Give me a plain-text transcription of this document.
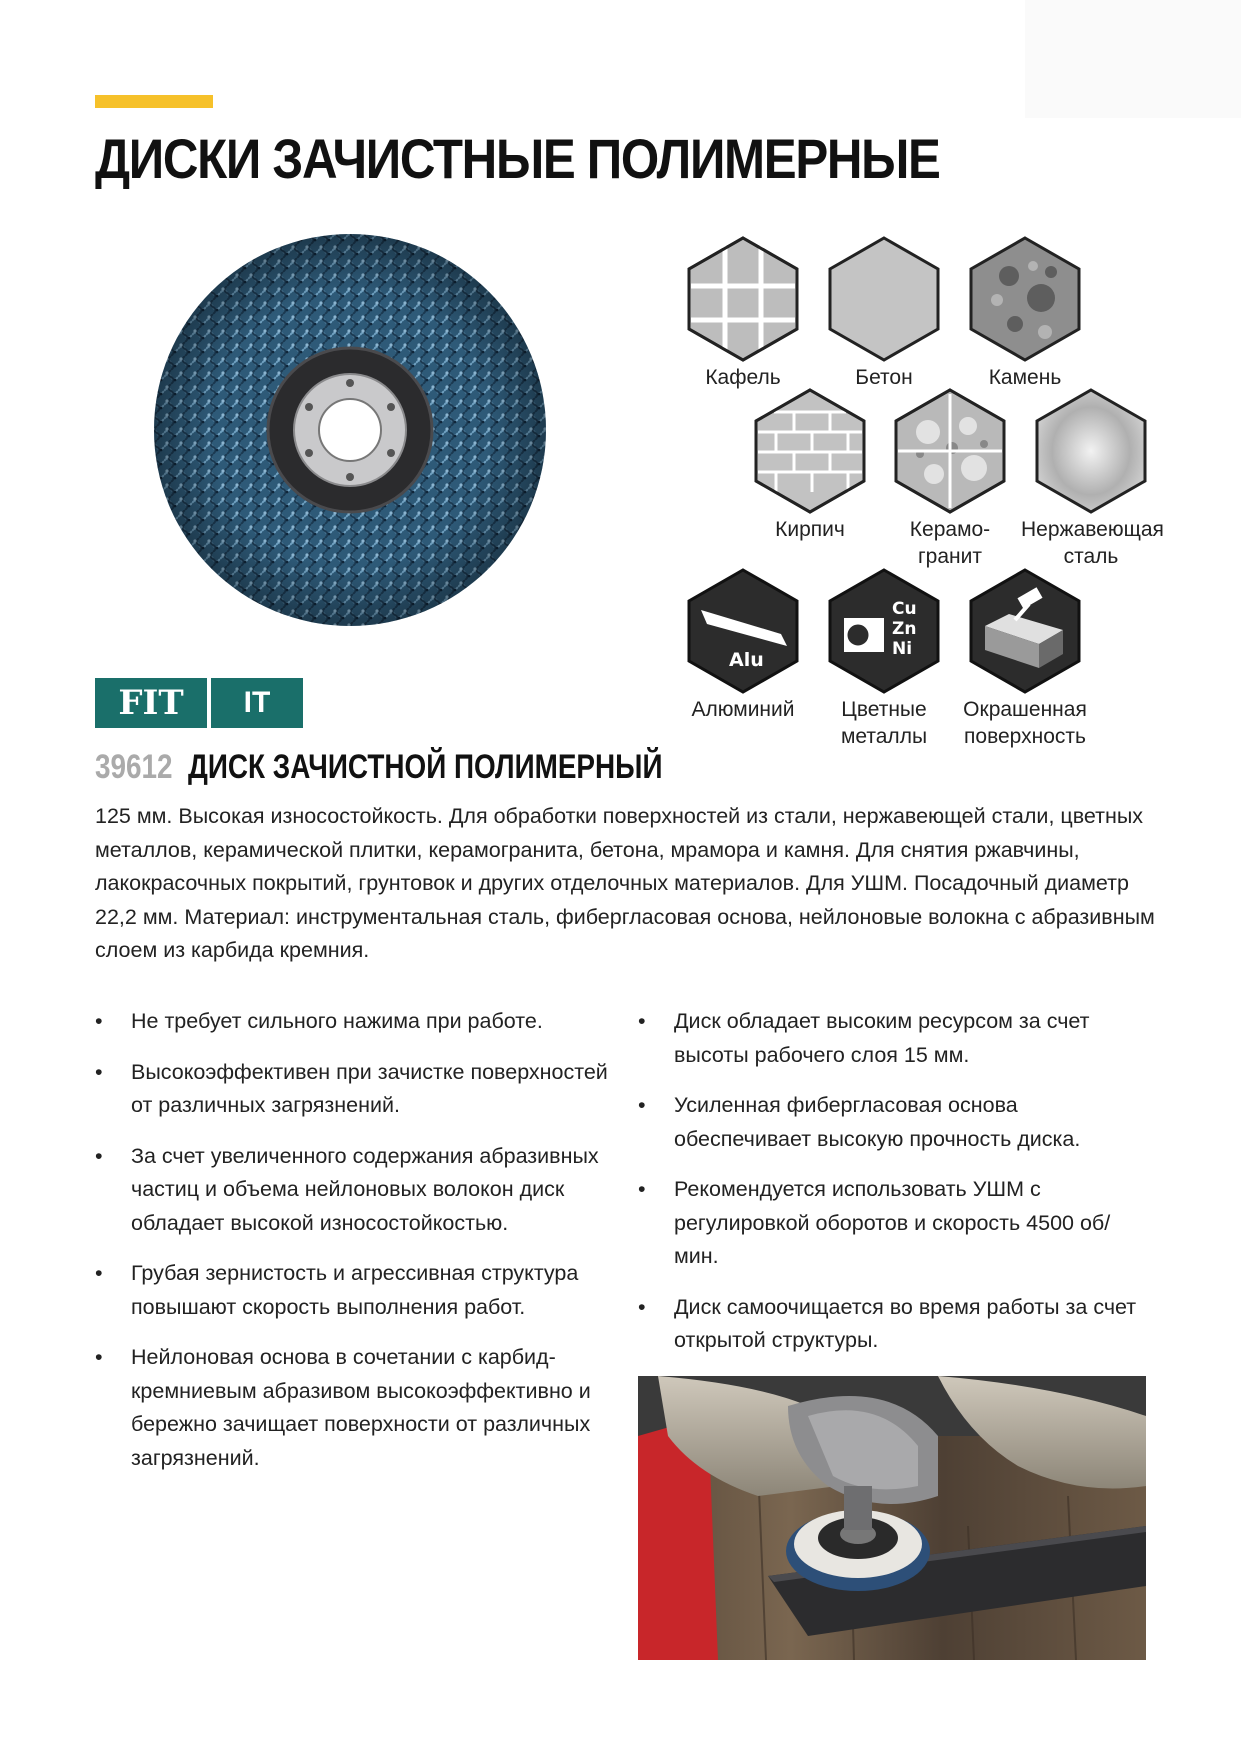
ДИСКИ ЗАЧИСТНЫЕ ПОЛИМЕРНЫЕ
FIT	IT
39612 ДИСК ЗАЧИСТНОЙ ПОЛИМЕРНЫЙ
Кафель	Бетон	Камень
Кирпич	Керамо-
гранит
Нержавеющая
сталь
Alu
Алюминий
Cu
Zn
Ni
Цветные
металлы
Окрашенная
поверхность

125 мм. Высокая износостойкость. Для обработки поверхностей из стали, нержавеющей стали, цветных металлов, керамической плитки, керамогранита, бетона, мрамора и камня. Для снятия ржавчины, лакокрасочных покрытий, грунтовок и других отделочных материалов. Для УШМ. Посадочный диаметр 22,2 мм. Материал: инструментальная сталь, фибергласовая основа, нейлоновые волокна с абразивным слоем из карбида кремния.

• Не требует сильного нажима при работе.
• Высокоэффективен при зачистке поверхностей от различных загрязнений.
• За счет увеличенного содержания абразивных частиц и объема нейлоновых волокон диск обладает высокой износостойкостью.
• Грубая зернистость и агрессивная структура повышают скорость выполнения работ.
• Нейлоновая основа в сочетании с карбид-кремниевым абразивом высокоэффективно и бережно зачищает поверхности от различных загрязнений.
• Диск обладает высоким ресурсом за счет высоты рабочего слоя 15 мм.
• Усиленная фибергласовая основа обеспечивает высокую прочность диска.
• Рекомендуется использовать УШМ с регулировкой оборотов и скорость 4500 об/мин.
• Диск самоочищается во время работы за счет открытой структуры.
